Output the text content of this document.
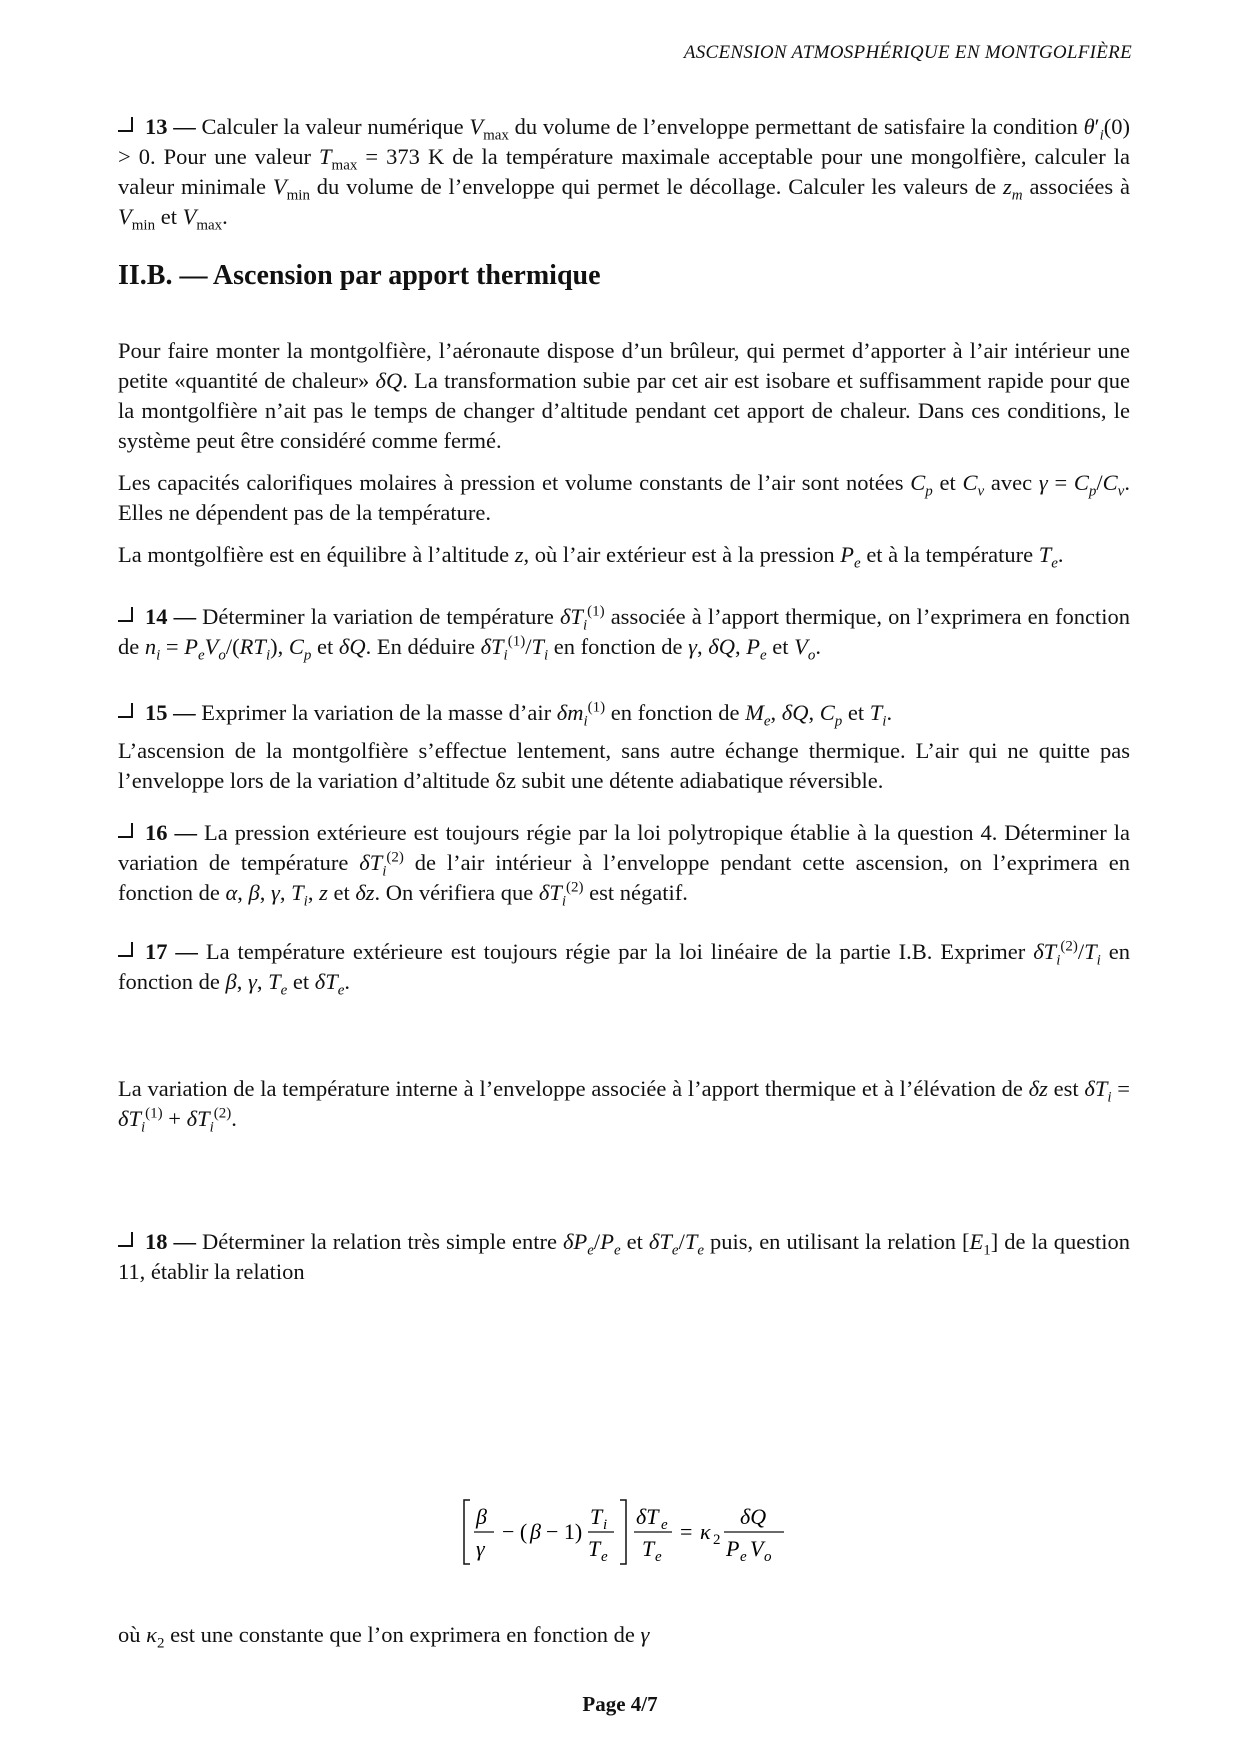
ASCENSION ATMOSPHÉRIQUE EN MONTGOLFIÈRE

13 — Calculer la valeur numérique $V_{max}$ du volume de l’enveloppe permettant de satisfaire la condition $\theta'_i(0) > 0$. Pour une valeur $T_{max} = 373$ K de la température maximale acceptable pour une mongolfière, calculer la valeur minimale $V_{min}$ du volume de l’enveloppe qui permet le décollage. Calculer les valeurs de $z_m$ associées à $V_{min}$ et $V_{max}$.

II.B. — Ascension par apport thermique

Pour faire monter la montgolfière, l’aéronaute dispose d’un brûleur, qui permet d’apporter à l’air intérieur une petite «quantité de chaleur» δQ. La transformation subie par cet air est isobare et suffisamment rapide pour que la montgolfière n’ait pas le temps de changer d’altitude pendant cet apport de chaleur. Dans ces conditions, le système peut être considéré comme fermé.

Les capacités calorifiques molaires à pression et volume constants de l’air sont notées $C_p$ et $C_v$ avec $\gamma = C_p/C_v$. Elles ne dépendent pas de la température.

La montgolfière est en équilibre à l’altitude z, où l’air extérieur est à la pression $P_e$ et à la température $T_e$.

14 — Déterminer la variation de température $\delta T_i^{(1)}$ associée à l’apport thermique, on l’exprimera en fonction de $n_i = P_eV_o/(RT_i)$, $C_p$ et δQ. En déduire $\delta T_i^{(1)}/T_i$ en fonction de γ, δQ, $P_e$ et $V_o$.

15 — Exprimer la variation de la masse d’air $\delta m_i^{(1)}$ en fonction de $M_e$, δQ, $C_p$ et $T_i$.

L’ascension de la montgolfière s’effectue lentement, sans autre échange thermique. L’air qui ne quitte pas l’enveloppe lors de la variation d’altitude δz subit une détente adiabatique réversible.

16 — La pression extérieure est toujours régie par la loi polytropique établie à la question 4. Déterminer la variation de température $\delta T_i^{(2)}$ de l’air intérieur à l’enveloppe pendant cette ascension, on l’exprimera en fonction de α, β, γ, $T_i$, z et δz. On vérifiera que $\delta T_i^{(2)}$ est négatif.

17 — La température extérieure est toujours régie par la loi linéaire de la partie I.B. Exprimer $\delta T_i^{(2)}/T_i$ en fonction de β, γ, $T_e$ et $\delta T_e$.

La variation de la température interne à l’enveloppe associée à l’apport thermique et à l’élévation de δz est $\delta T_i = \delta T_i^{(1)} + \delta T_i^{(2)}$.

18 — Déterminer la relation très simple entre $\delta P_e/P_e$ et $\delta T_e/T_e$ puis, en utilisant la relation $[E_1]$ de la question 11, établir la relation

β
γ
− ( β − 1)
T i
T e
δT e
T e
= κ 2
δQ
P e V o

où $\kappa_2$ est une constante que l’on exprimera en fonction de γ

Page 4/7
